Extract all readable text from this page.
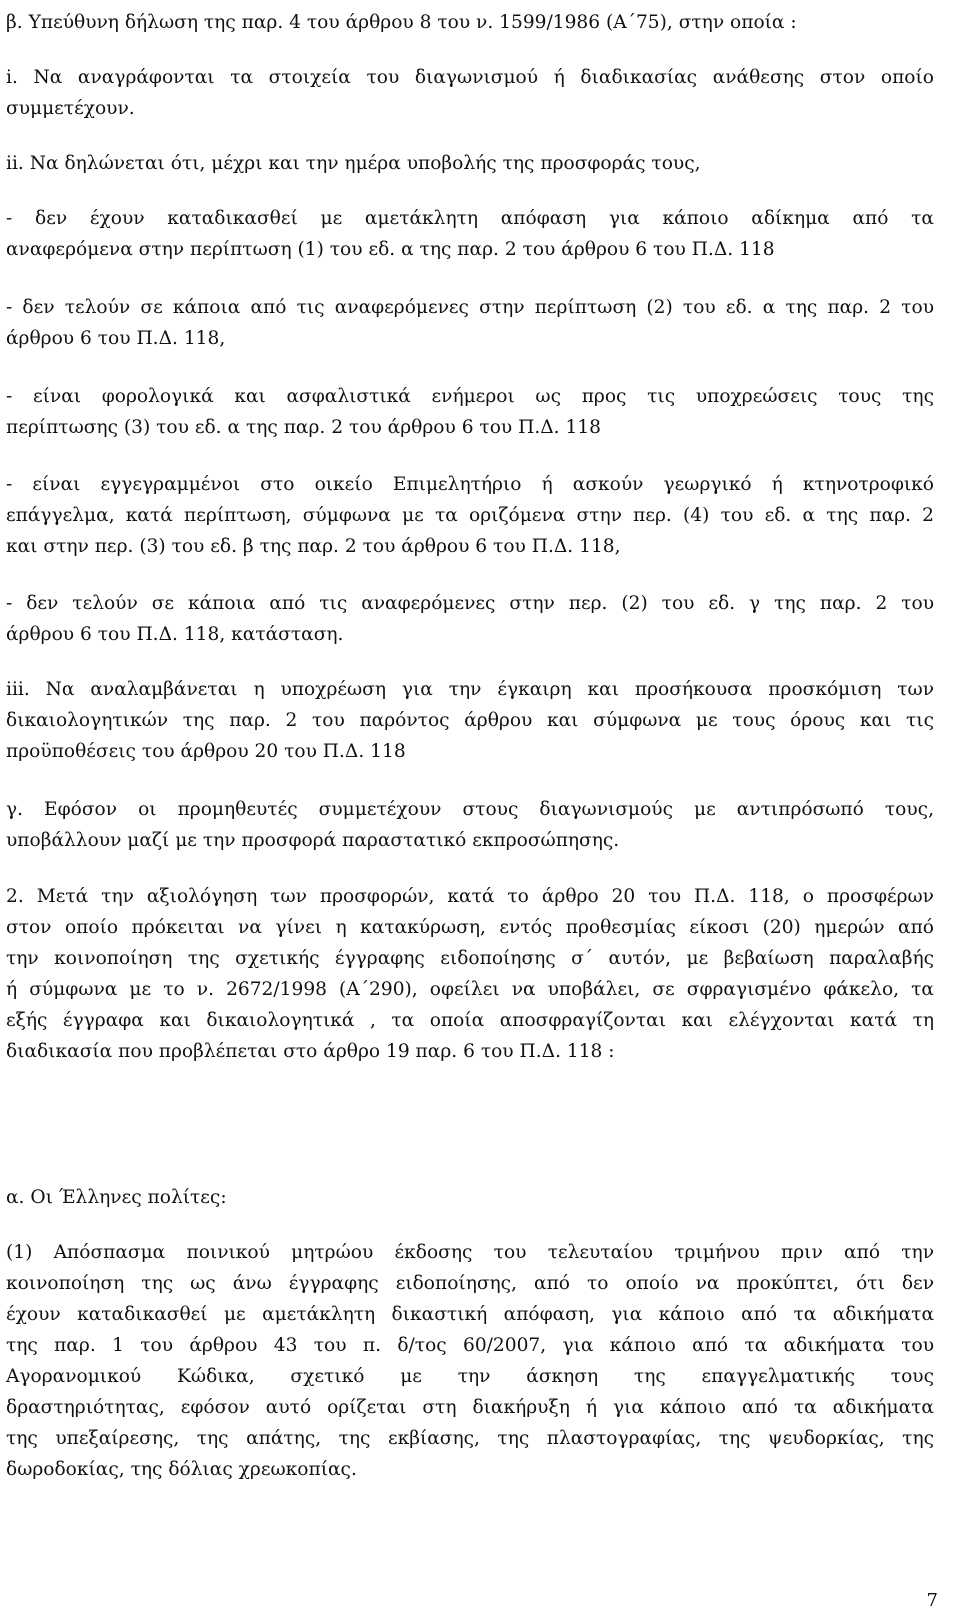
β. Υπεύθυνη δήλωση της παρ. 4 του άρθρου 8 του ν. 1599/1986 (Α΄75), στην οποία :
i. Να αναγράφονται τα στοιχεία του διαγωνισμού ή διαδικασίας ανάθεσης στον οποίο
συμμετέχουν.
ii. Να δηλώνεται ότι, μέχρι και την ημέρα υποβολής της προσφοράς τους,
- δεν έχουν καταδικασθεί με αμετάκλητη απόφαση για κάποιο αδίκημα από τα
αναφερόμενα στην περίπτωση (1) του εδ. α της παρ. 2 του άρθρου 6 του Π.Δ. 118
- δεν τελούν σε κάποια από τις αναφερόμενες στην περίπτωση (2) του εδ. α της παρ. 2 του
άρθρου 6 του Π.Δ. 118,
- είναι φορολογικά και ασφαλιστικά ενήμεροι ως προς τις υποχρεώσεις τους της
περίπτωσης (3) του εδ. α της παρ. 2 του άρθρου 6 του Π.Δ. 118
- είναι εγγεγραμμένοι στο οικείο Επιμελητήριο ή ασκούν γεωργικό ή κτηνοτροφικό
επάγγελμα, κατά περίπτωση, σύμφωνα με τα οριζόμενα στην περ. (4) του εδ. α της παρ. 2
και στην περ. (3) του εδ. β της παρ. 2 του άρθρου 6 του Π.Δ. 118,
- δεν τελούν σε κάποια από τις αναφερόμενες στην περ. (2) του εδ. γ της παρ. 2 του
άρθρου 6 του Π.Δ. 118, κατάσταση.
iii. Να αναλαμβάνεται η υποχρέωση για την έγκαιρη και προσήκουσα προσκόμιση των
δικαιολογητικών της παρ. 2 του παρόντος άρθρου και σύμφωνα με τους όρους και τις
προϋποθέσεις του άρθρου 20 του Π.Δ. 118
γ. Εφόσον οι προμηθευτές συμμετέχουν στους διαγωνισμούς με αντιπρόσωπό τους,
υποβάλλουν μαζί με την προσφορά παραστατικό εκπροσώπησης.
2. Μετά την αξιολόγηση των προσφορών, κατά το άρθρο 20 του Π.Δ. 118, ο προσφέρων
στον οποίο πρόκειται να γίνει η κατακύρωση, εντός προθεσμίας είκοσι (20) ημερών από
την κοινοποίηση της σχετικής έγγραφης ειδοποίησης σ΄ αυτόν, με βεβαίωση παραλαβής
ή σύμφωνα με το ν. 2672/1998 (Α΄290), οφείλει να υποβάλει, σε σφραγισμένο φάκελο, τα
εξής έγγραφα και δικαιολογητικά , τα οποία αποσφραγίζονται και ελέγχονται κατά τη
διαδικασία που προβλέπεται στο άρθρο 19 παρ. 6 του Π.Δ. 118 :
α. Οι Έλληνες πολίτες:
(1) Απόσπασμα ποινικού μητρώου έκδοσης του τελευταίου τριμήνου πριν από την
κοινοποίηση της ως άνω έγγραφης ειδοποίησης, από το οποίο να προκύπτει, ότι δεν
έχουν καταδικασθεί με αμετάκλητη δικαστική απόφαση, για κάποιο από τα αδικήματα
της παρ. 1 του άρθρου 43 του π. δ/τος 60/2007, για κάποιο από τα αδικήματα του
Αγορανομικού Κώδικα, σχετικό με την άσκηση της επαγγελματικής τους
δραστηριότητας, εφόσον αυτό ορίζεται στη διακήρυξη ή για κάποιο από τα αδικήματα
της υπεξαίρεσης, της απάτης, της εκβίασης, της πλαστογραφίας, της ψευδορκίας, της
δωροδοκίας, της δόλιας χρεωκοπίας.
7
